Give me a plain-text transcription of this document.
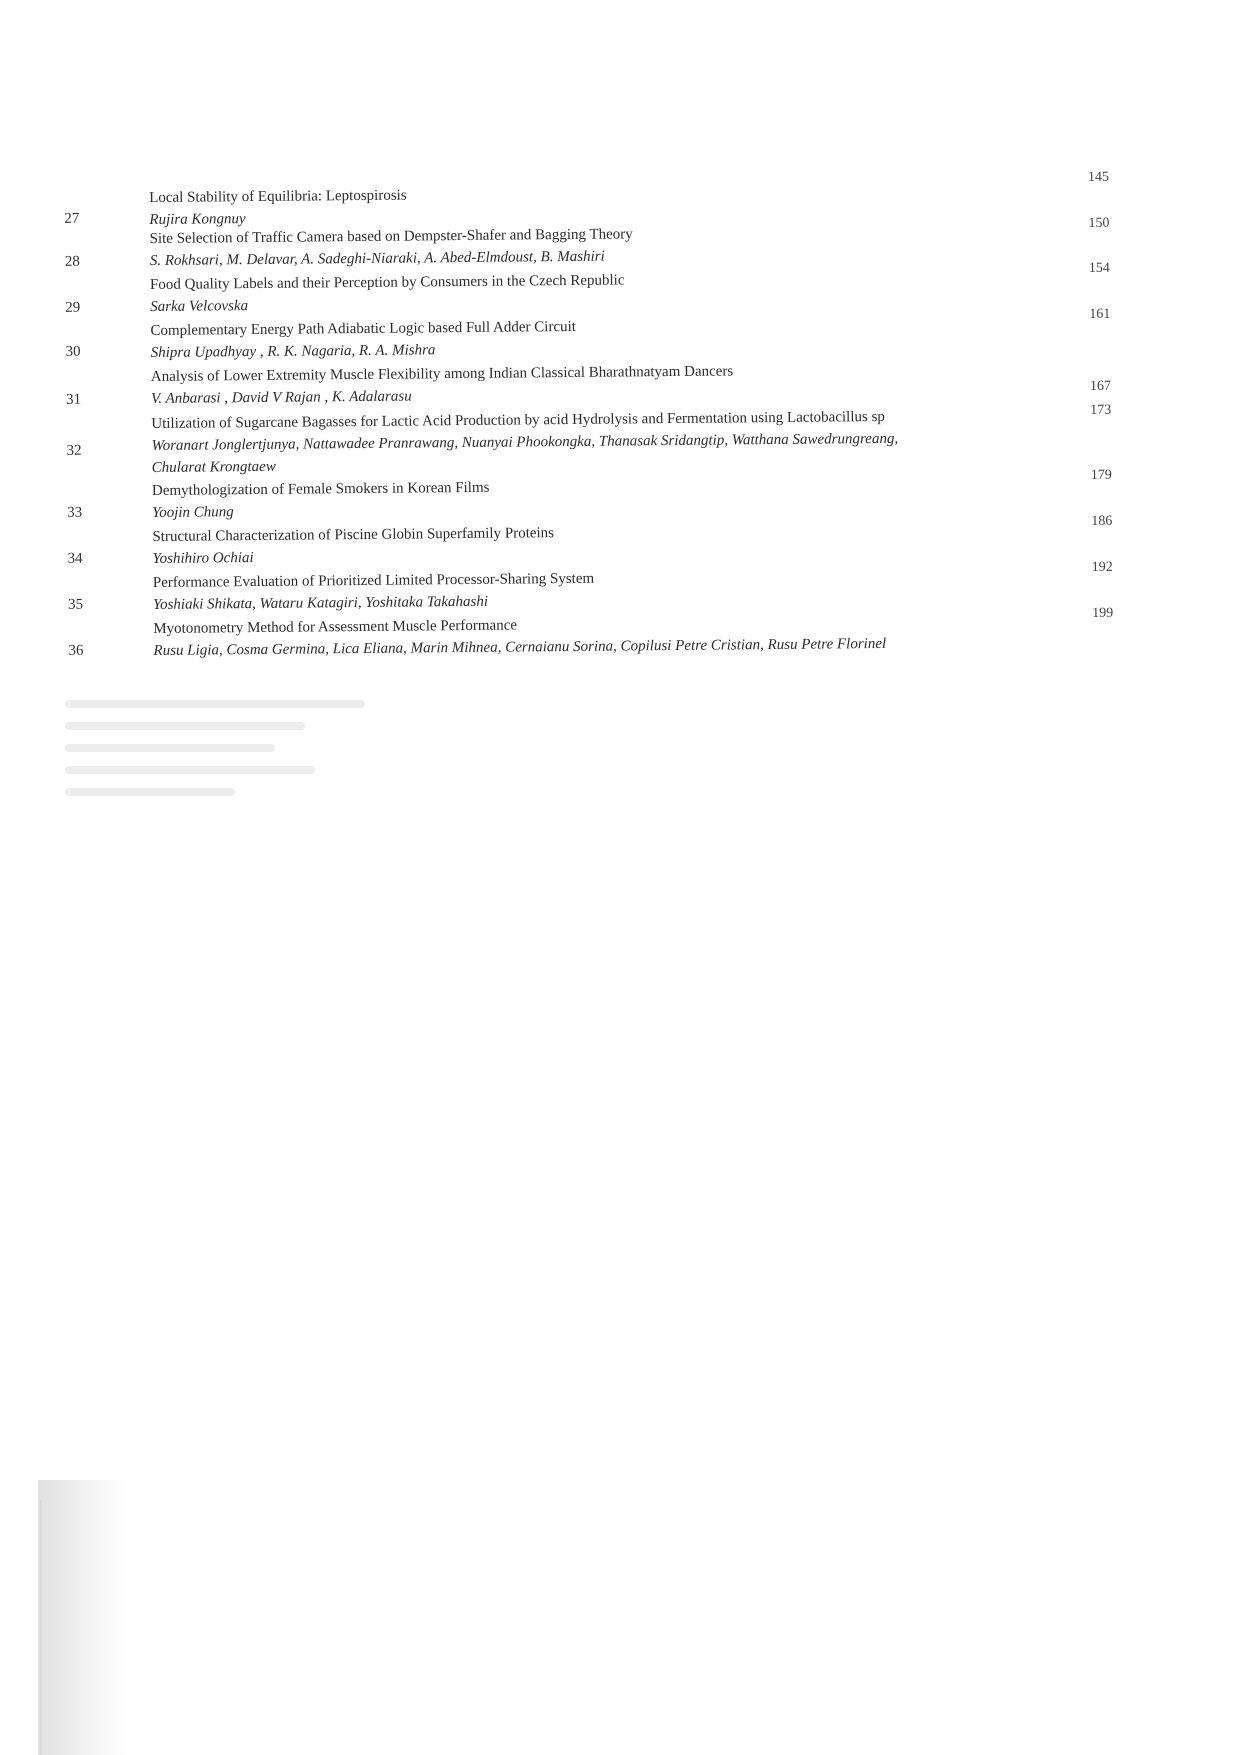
27
Local Stability of Equilibria: Leptospirosis
Rujira Kongnuy
145
28
Site Selection of Traffic Camera based on Dempster-Shafer and Bagging Theory
S. Rokhsari, M. Delavar, A. Sadeghi-Niaraki, A. Abed-Elmdoust, B. Mashiri
150
29
Food Quality Labels and their Perception by Consumers in the Czech Republic
Sarka Velcovska
154
30
Complementary Energy Path Adiabatic Logic based Full Adder Circuit
Shipra Upadhyay , R. K. Nagaria, R. A. Mishra
161
31
Analysis of Lower Extremity Muscle Flexibility among Indian Classical Bharathnatyam Dancers
V. Anbarasi , David V Rajan , K. Adalarasu
167
32
Utilization of Sugarcane Bagasses for Lactic Acid Production by acid Hydrolysis and Fermentation using Lactobacillus sp
Woranart Jonglertjunya, Nattawadee Pranrawang, Nuanyai Phookongka, Thanasak Sridangtip, Watthana Sawedrungreang,
Chularat Krongtaew
173
33
Demythologization of Female Smokers in Korean Films
Yoojin Chung
179
34
Structural Characterization of Piscine Globin Superfamily Proteins
Yoshihiro Ochiai
186
35
Performance Evaluation of Prioritized Limited Processor-Sharing System
Yoshiaki Shikata, Wataru Katagiri, Yoshitaka Takahashi
192
36
Myotonometry Method for Assessment Muscle Performance
Rusu Ligia, Cosma Germina, Lica Eliana, Marin Mihnea, Cernaianu Sorina, Copilusi Petre Cristian, Rusu Petre Florinel
199
